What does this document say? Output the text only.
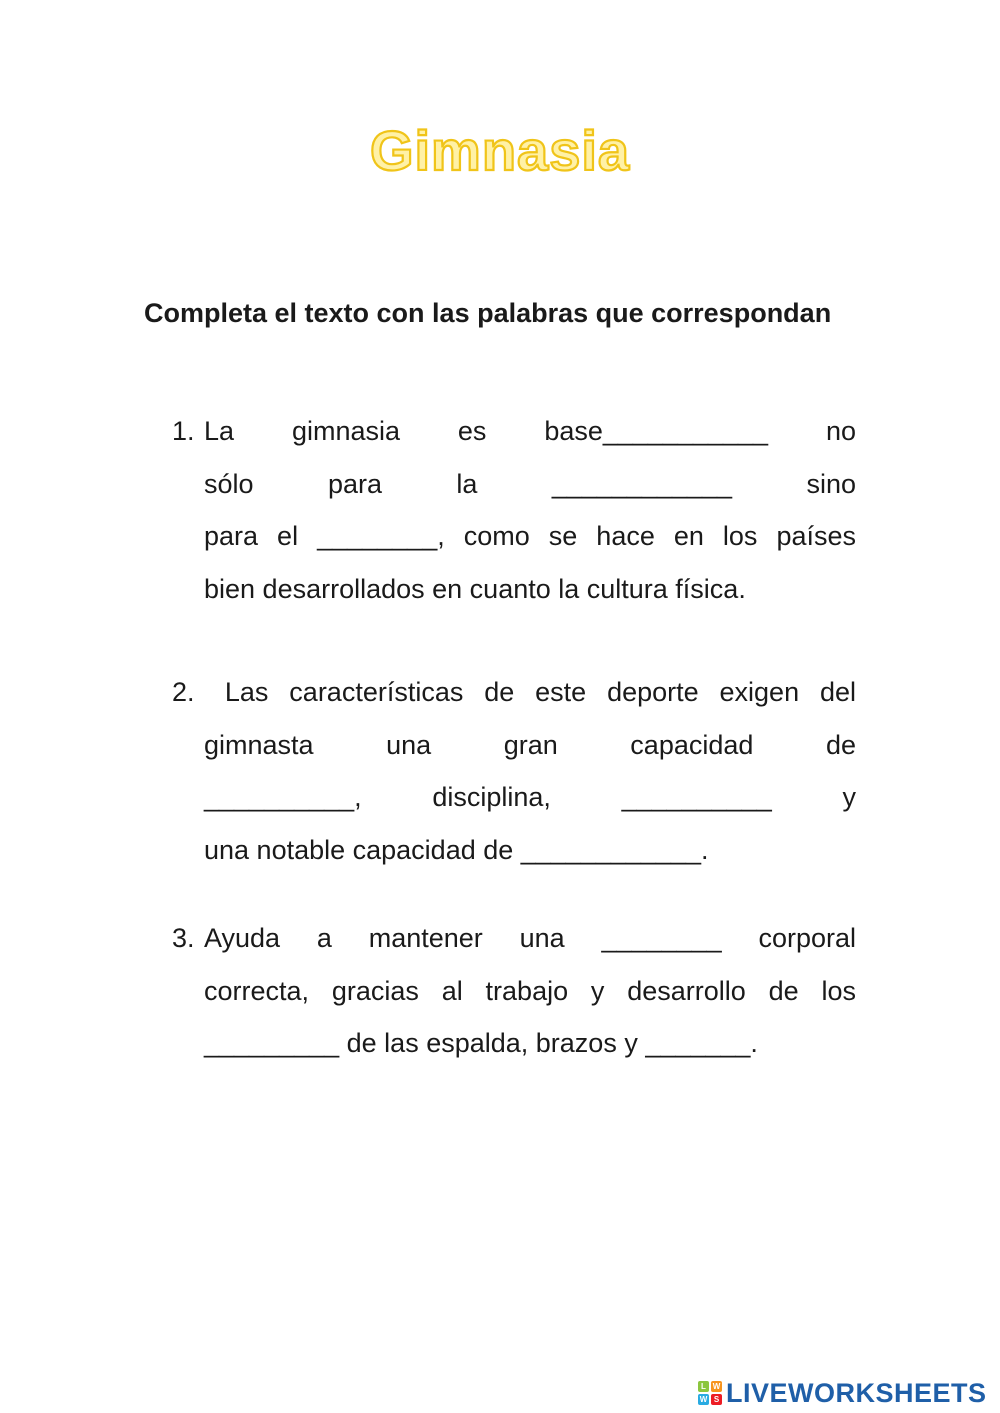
Gimnasia

Completa el texto con las palabras que correspondan

1. La gimnasia es base___________ no
sólo para la ____________ sino
para el ________, como se hace en los países
bien desarrollados en cuanto la cultura física.
2. Las características de este deporte exigen del
gimnasta una gran capacidad de
__________, disciplina, __________ y
una notable capacidad de ____________.
3. Ayuda a mantener una ________ corporal
correcta, gracias al trabajo y desarrollo de los
_________ de las espalda, brazos y _______.
L W
W S LIVEWORKSHEETS
